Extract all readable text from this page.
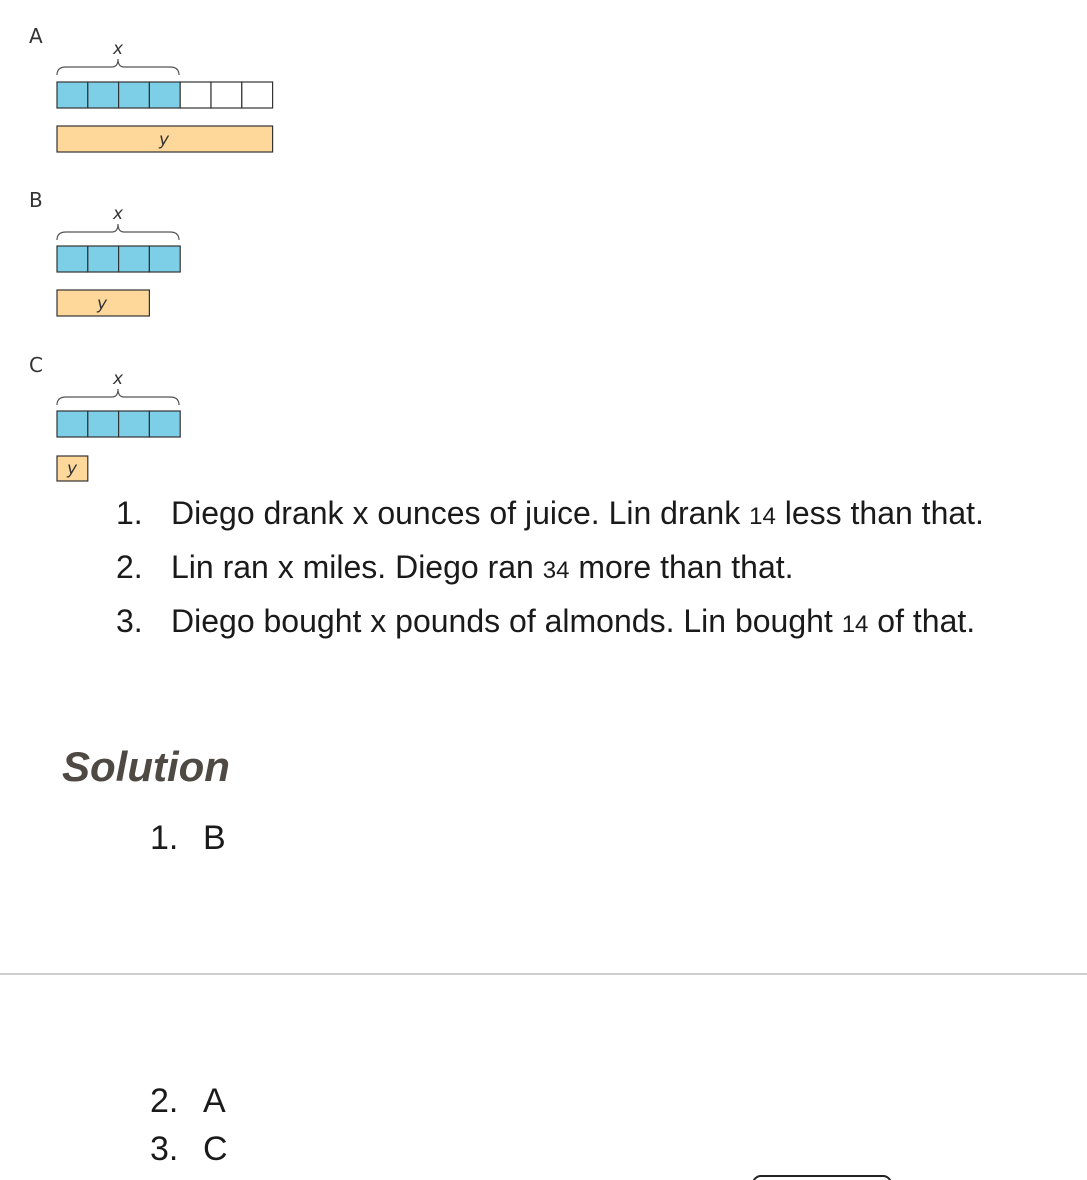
A
B
C
x
y
x
y
x
y
1. Diego drank x ounces of juice. Lin drank 14 less than that.
2. Lin ran x miles. Diego ran 34 more than that.
3. Diego bought x pounds of almonds. Lin bought 14 of that.
Solution
1. B
2. A
3. C
